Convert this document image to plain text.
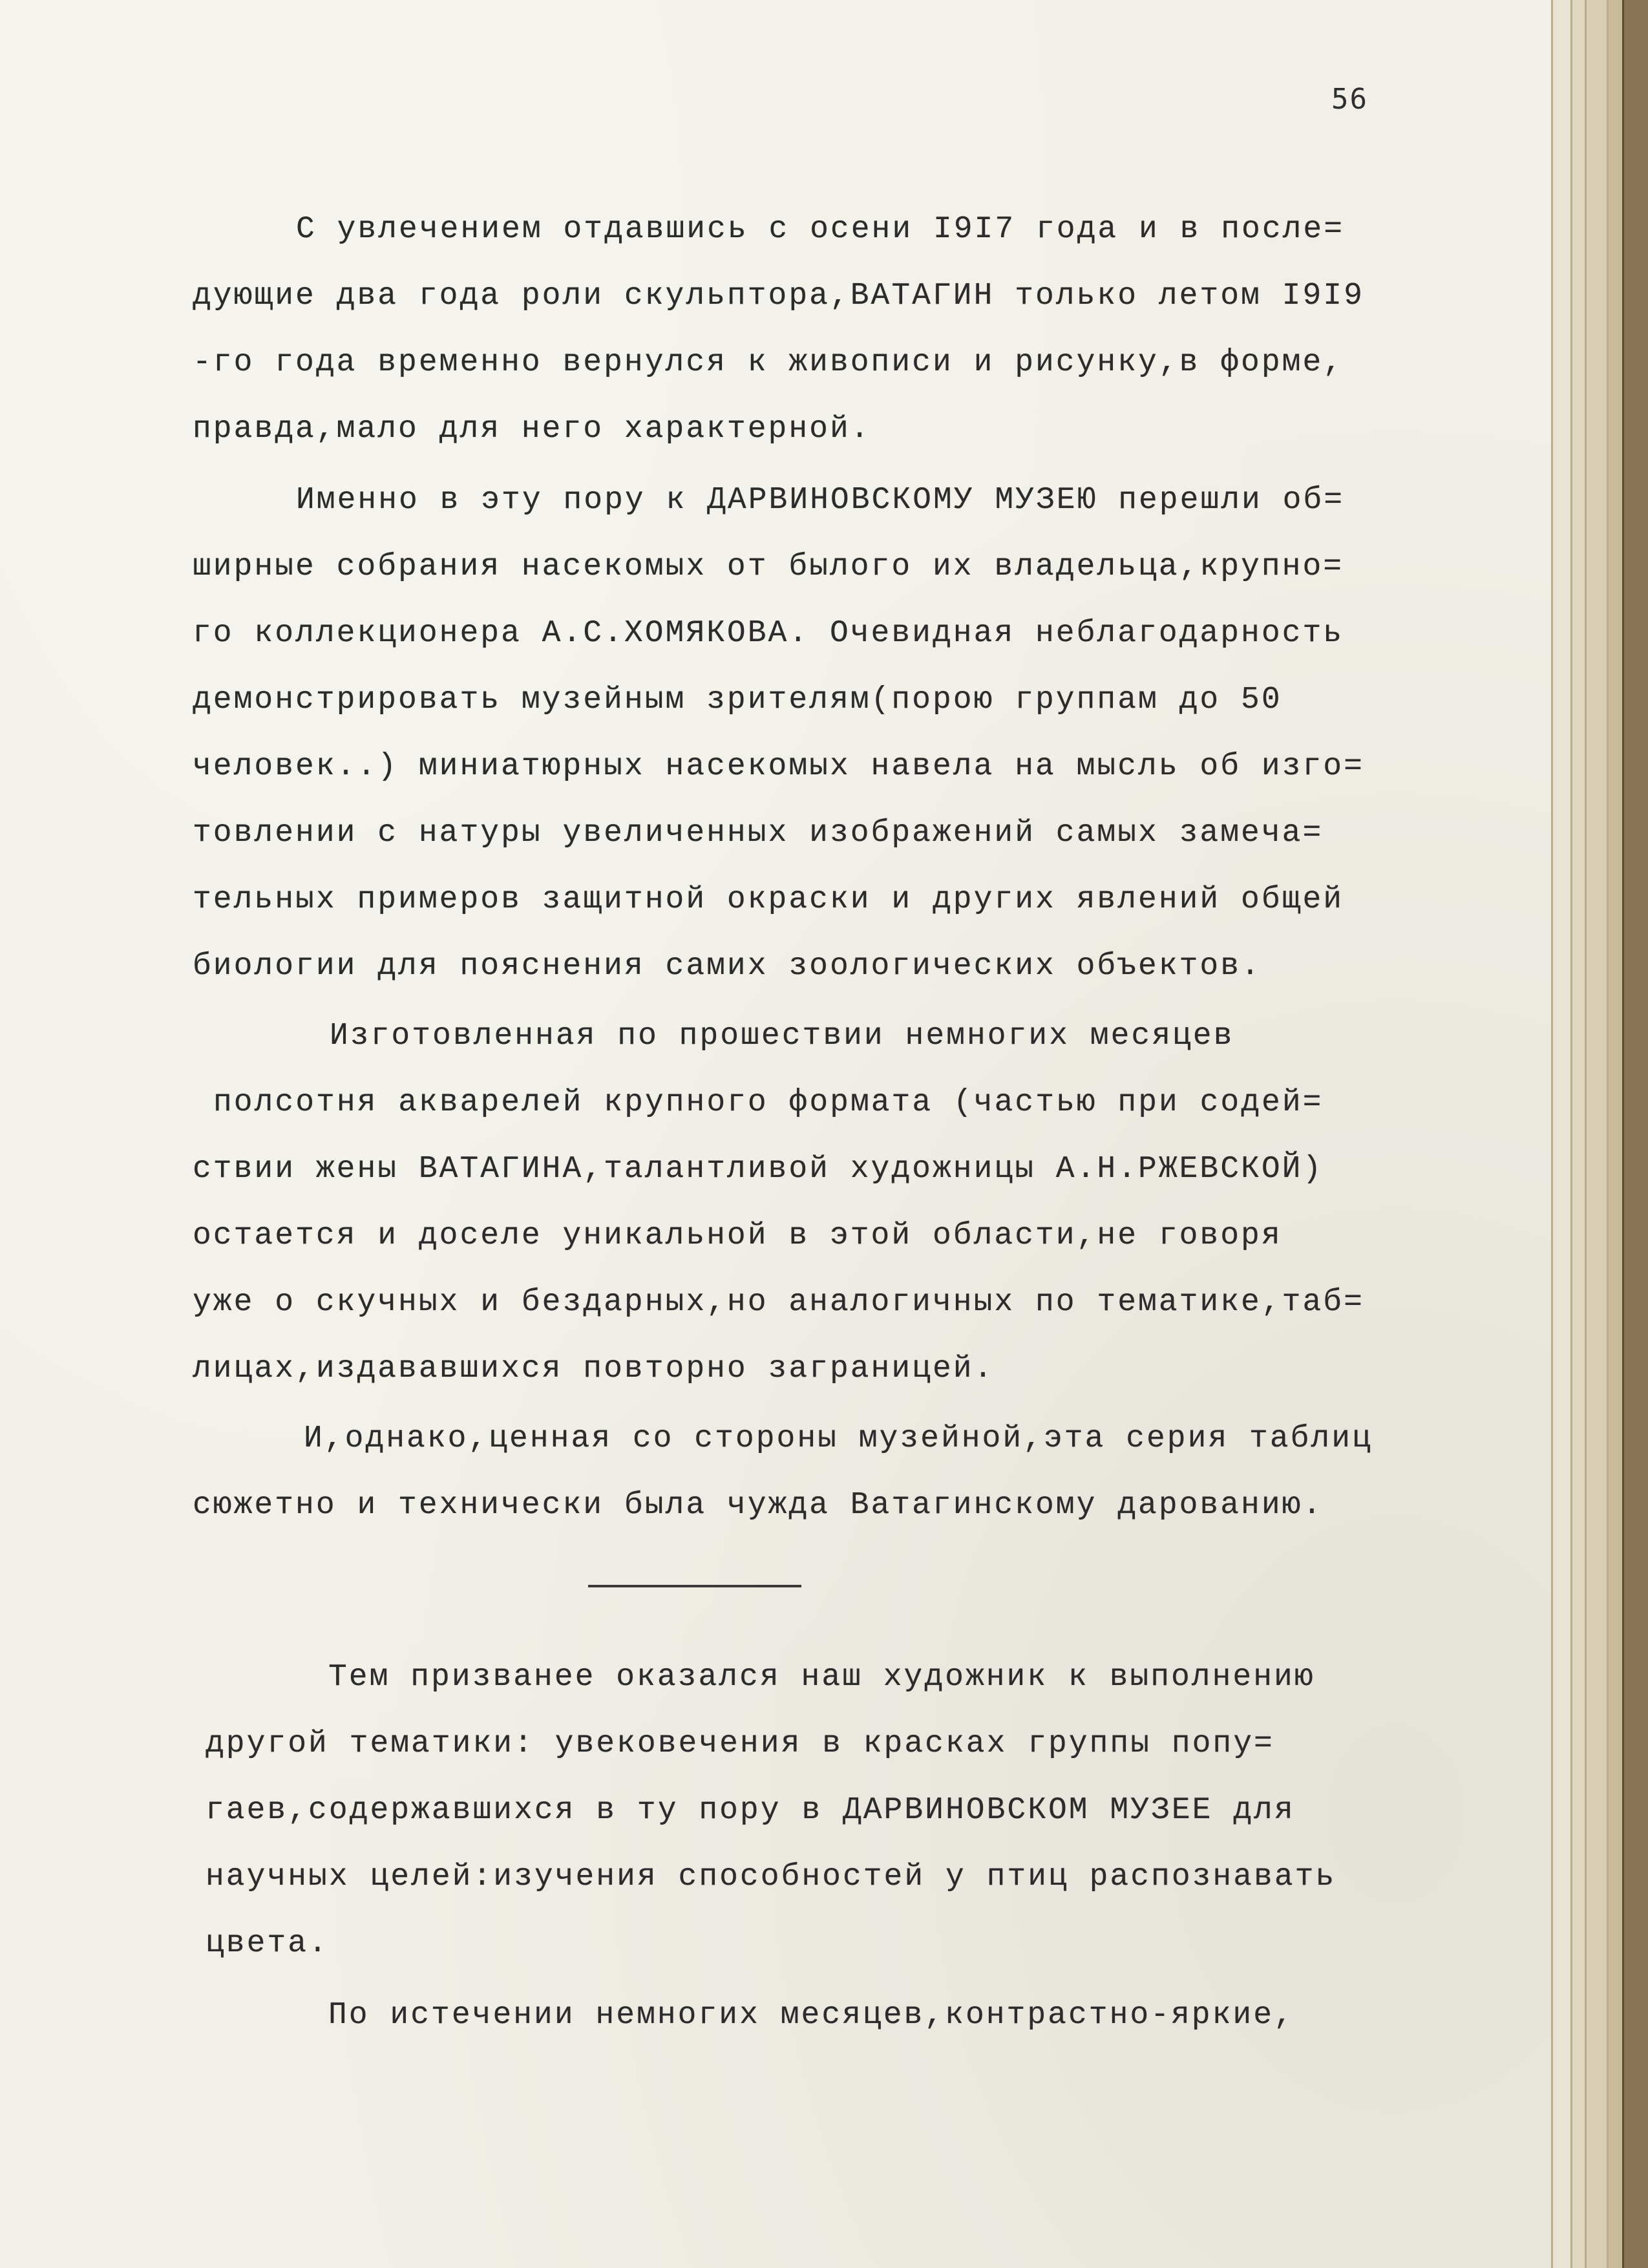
56
С увлечением отдавшись с осени I9I7 года и в после=
дующие два года роли скульптора,ВАТАГИН только летом I9I9
-го года временно вернулся к живописи и рисунку,в форме,
правда,мало для него характерной.
Именно в эту пору к ДАРВИНОВСКОМУ МУЗЕЮ перешли об=
ширные собрания насекомых от былого их владельца,крупно=
го коллекционера А.С.ХОМЯКОВА. Очевидная неблагодарность
демонстрировать музейным зрителям(порою группам до 50
человек..) миниатюрных насекомых навела на мысль об изго=
товлении с натуры увеличенных изображений самых замеча=
тельных примеров защитной окраски и других явлений общей
биологии для пояснения самих зоологических объектов.
Изготовленная по прошествии немногих месяцев
полсотня акварелей крупного формата (частью при содей=
ствии жены ВАТАГИНА,талантливой художницы А.Н.РЖЕВСКОЙ)
остается и доселе уникальной в этой области,не говоря
уже о скучных и бездарных,но аналогичных по тематике,таб=
лицах,издававшихся повторно заграницей.
И,однако,ценная со стороны музейной,эта серия таблиц
сюжетно и технически была чужда Ватагинскому дарованию.
Тем призванее оказался наш художник к выполнению
другой тематики: увековечения в красках группы попу=
гаев,содержавшихся в ту пору в ДАРВИНОВСКОМ МУЗЕЕ для
научных целей:изучения способностей у птиц распознавать
цвета.
По истечении немногих месяцев,контрастно-яркие,
